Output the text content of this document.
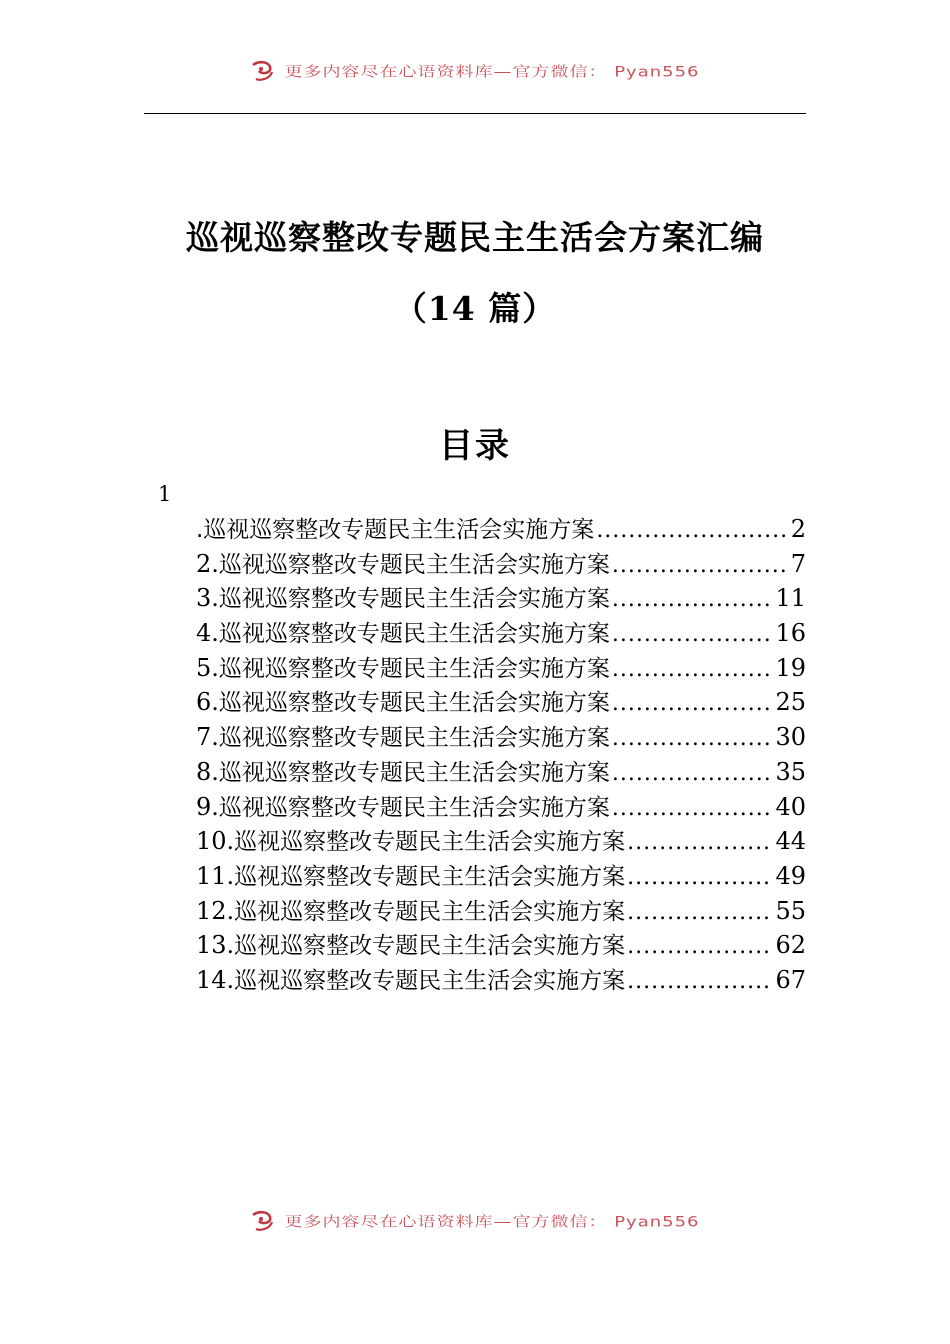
更多内容尽在心语资料库—官方微信： Pyan556
巡视巡察整改专题民主生活会方案汇编
（14 篇）
目录
1
.巡视巡察整改专题民主生活会实施方案 .....	2
2. 巡视巡察整改专题民主生活会实施方案 .....	7
3. 巡视巡察整改专题民主生活会实施方案 .....	11
4. 巡视巡察整改专题民主生活会实施方案 .....	16
5. 巡视巡察整改专题民主生活会实施方案 .....	19
6. 巡视巡察整改专题民主生活会实施方案 .....	25
7. 巡视巡察整改专题民主生活会实施方案 .....	30
8. 巡视巡察整改专题民主生活会实施方案 .....	35
9. 巡视巡察整改专题民主生活会实施方案 .....	40
10. 巡视巡察整改专题民主生活会实施方案 .....	44
11. 巡视巡察整改专题民主生活会实施方案 .....	49
12. 巡视巡察整改专题民主生活会实施方案 .....	55
13. 巡视巡察整改专题民主生活会实施方案 .....	62
14. 巡视巡察整改专题民主生活会实施方案 .....	67
更多内容尽在心语资料库—官方微信： Pyan556
